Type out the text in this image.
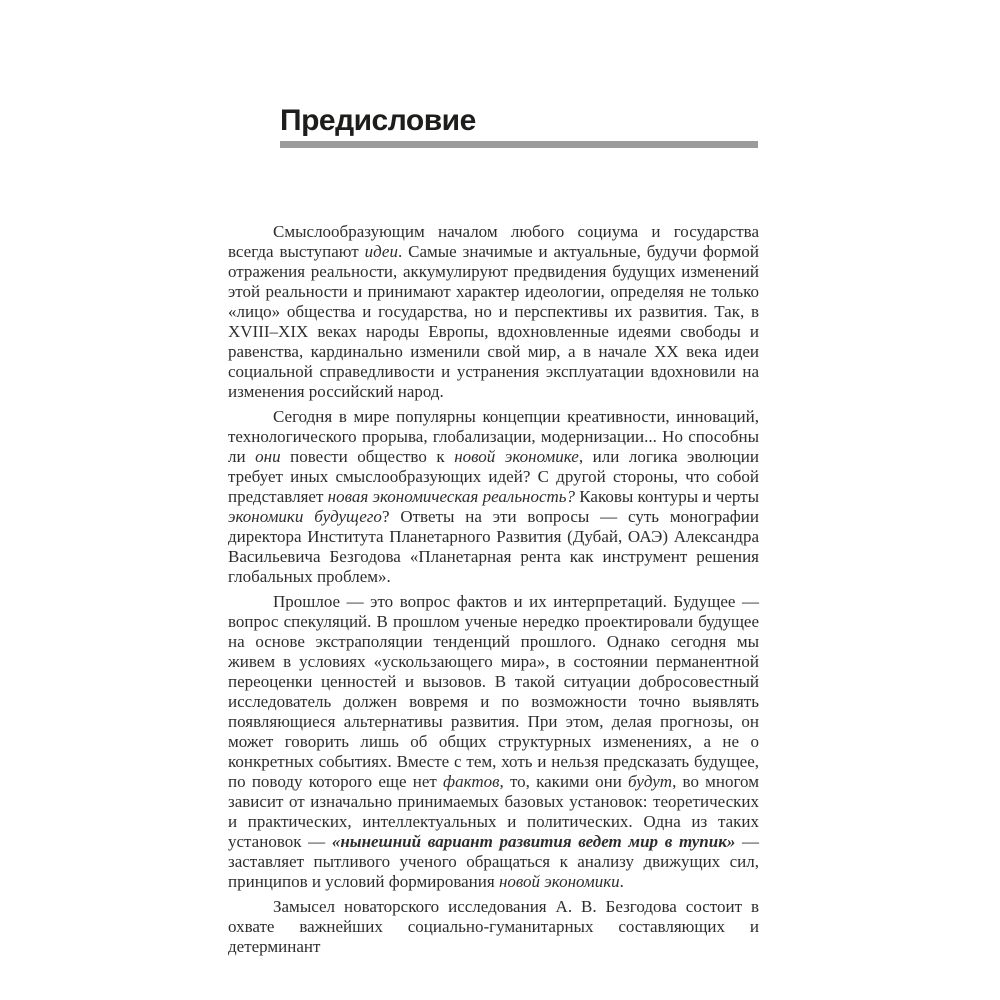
Предисловие

Смыслообразующим началом любого социума и государства всегда выступают идеи. Самые значимые и актуальные, будучи формой отражения реальности, аккумулируют предвидения будущих изменений этой реальности и принимают характер идеологии, определяя не только «лицо» общества и государства, но и перспективы их развития. Так, в XVIII–XIX веках народы Европы, вдохновленные идеями свободы и равенства, кардинально изменили свой мир, а в начале XX века идеи социальной справедливости и устранения эксплуатации вдохновили на изменения российский народ.

Сегодня в мире популярны концепции креативности, инноваций, технологического прорыва, глобализации, модернизации... Но способны ли они повести общество к новой экономике, или логика эволюции требует иных смыслообразующих идей? С другой стороны, что собой представляет новая экономическая реальность? Каковы контуры и черты экономики будущего? Ответы на эти вопросы — суть монографии директора Института Планетарного Развития (Дубай, ОАЭ) Александра Васильевича Безгодова «Планетарная рента как инструмент решения глобальных проблем».

Прошлое — это вопрос фактов и их интерпретаций. Будущее — вопрос спекуляций. В прошлом ученые нередко проектировали будущее на основе экстраполяции тенденций прошлого. Однако сегодня мы живем в условиях «ускользающего мира», в состоянии перманентной переоценки ценностей и вызовов. В такой ситуации добросовестный исследователь должен вовремя и по возможности точно выявлять появляющиеся альтернативы развития. При этом, делая прогнозы, он может говорить лишь об общих структурных изменениях, а не о конкретных событиях. Вместе с тем, хоть и нельзя предсказать будущее, по поводу которого еще нет фактов, то, какими они будут, во многом зависит от изначально принимаемых базовых установок: теоретических и практических, интеллектуальных и политических. Одна из таких установок — «нынешний вариант развития ведет мир в тупик» — заставляет пытливого ученого обращаться к анализу движущих сил, принципов и условий формирования новой экономики.

Замысел новаторского исследования А. В. Безгодова состоит в охвате важнейших социально-гуманитарных составляющих и детерминант
